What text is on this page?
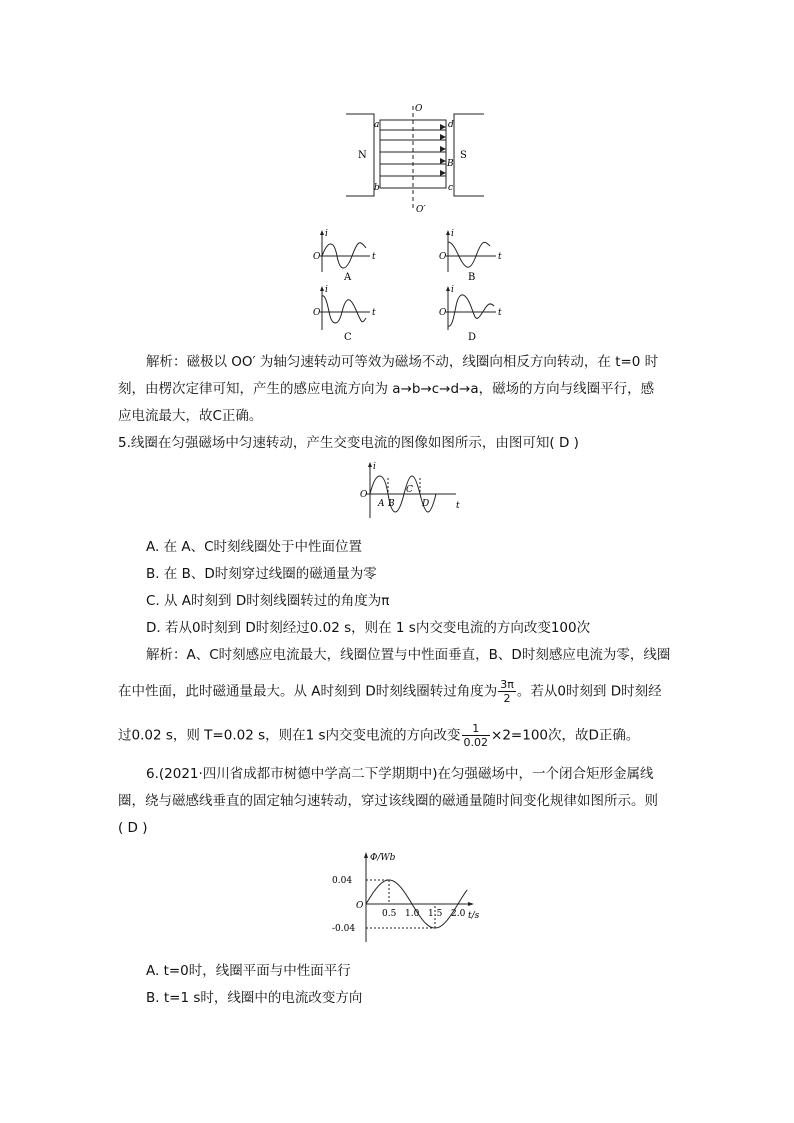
N	S
O
O′
a
b
d
c
B
i
t
O
i
t
O
i
t
O
i
t
O
A	B
C	D
解析：磁极以 OO′ 为轴匀速转动可等效为磁场不动，线圈向相反方向转动，在 t=0 时
刻，由楞次定律可知，产生的感应电流方向为 a→b→c→d→a，磁场的方向与线圈平行，感
应电流最大，故C正确。
5.线圈在匀强磁场中匀速转动，产生交变电流的图像如图所示，由图可知( D )
i
t
O
A B
C
D
A. 在 A、C时刻线圈处于中性面位置
B. 在 B、D时刻穿过线圈的磁通量为零
C. 从 A时刻到 D时刻线圈转过的角度为π
D. 若从0时刻到 D时刻经过0.02 s，则在 1 s内交变电流的方向改变100次
解析：A、C时刻感应电流最大，线圈位置与中性面垂直，B、D时刻感应电流为零，线圈
在中性面，此时磁通量最大。从 A时刻到 D时刻线圈转过角度为 $\frac{3\pi}{2}$ 。若从0时刻到 D时刻经
过0.02 s，则 T=0.02 s，则在1 s内交变电流的方向改变 $\frac{1}{0.02} \times 2=100$次，故D正确。
6.(2021·四川省成都市树德中学高二下学期期中)在匀强磁场中，一个闭合矩形金属线
圈，绕与磁感线垂直的固定轴匀速转动，穿过该线圈的磁通量随时间变化规律如图所示。则
( D )
Φ/Wb
t/s
O
0.04
-0.04
0.5 1.0 1.5 2.0
A. t=0时，线圈平面与中性面平行
B. t=1 s时，线圈中的电流改变方向
